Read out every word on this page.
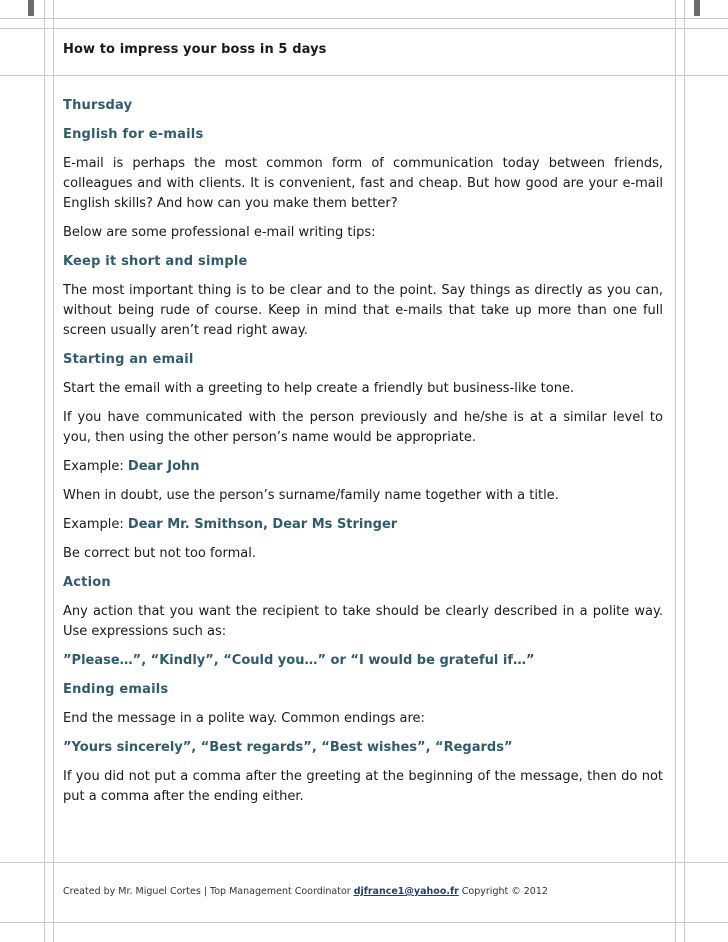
How to impress your boss in 5 days

Thursday

English for e-mails

E-mail is perhaps the most common form of communication today between friends, colleagues and with clients. It is convenient, fast and cheap. But how good are your e-mail English skills? And how can you make them better?

Below are some professional e-mail writing tips:

Keep it short and simple

The most important thing is to be clear and to the point. Say things as directly as you can, without being rude of course. Keep in mind that e-mails that take up more than one full screen usually aren’t read right away.

Starting an email

Start the email with a greeting to help create a friendly but business-like tone.

If you have communicated with the person previously and he/she is at a similar level to you, then using the other person’s name would be appropriate.

Example: Dear John

When in doubt, use the person’s surname/family name together with a title.

Example: Dear Mr. Smithson, Dear Ms Stringer

Be correct but not too formal.

Action

Any action that you want the recipient to take should be clearly described in a polite way. Use expressions such as:

”Please…”, “Kindly”, “Could you…” or “I would be grateful if…”

Ending emails

End the message in a polite way. Common endings are:

”Yours sincerely”, “Best regards”, “Best wishes”, “Regards”

If you did not put a comma after the greeting at the beginning of the message, then do not put a comma after the ending either.

Created by Mr. Miguel Cortes | Top Management Coordinator djfrance1@yahoo.fr Copyright © 2012
